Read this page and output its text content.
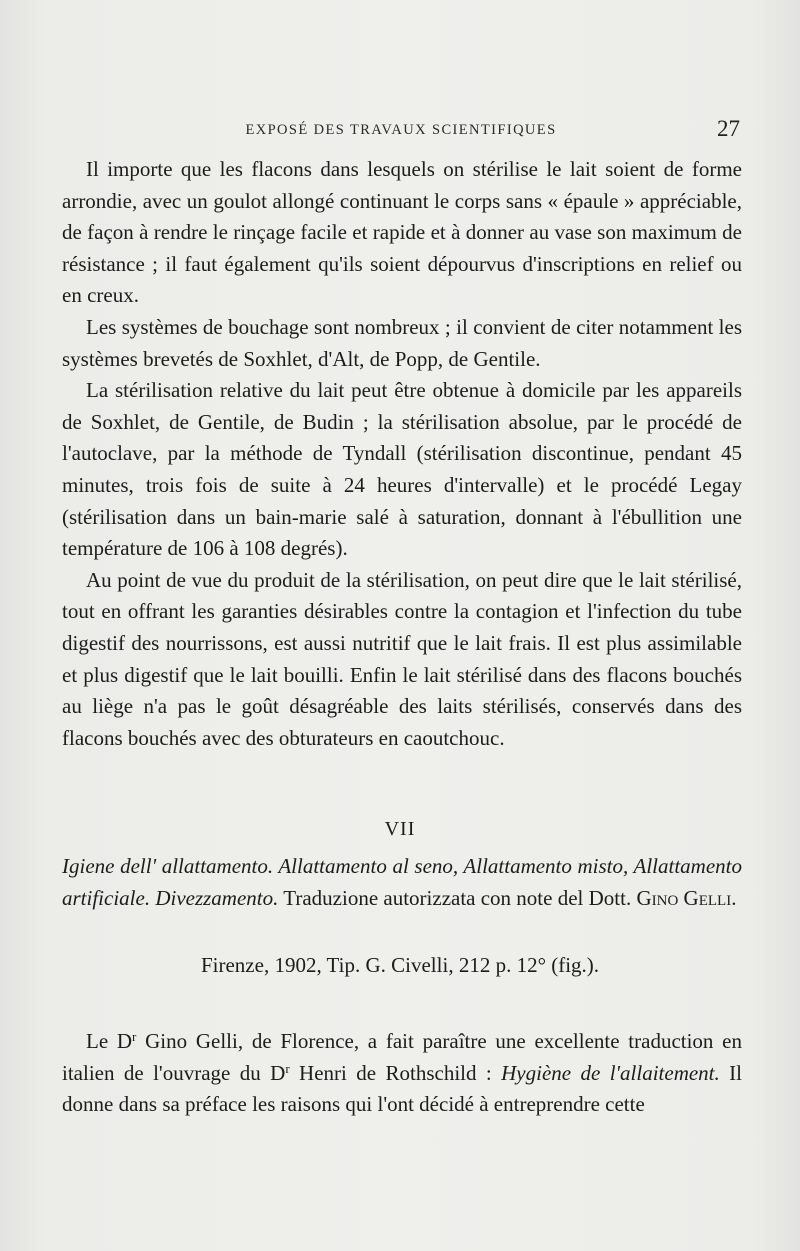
EXPOSÉ DES TRAVAUX SCIENTIFIQUES	27

Il importe que les flacons dans lesquels on stérilise le lait soient de forme arrondie, avec un goulot allongé continuant le corps sans « épaule » appréciable, de façon à rendre le rinçage facile et rapide et à donner au vase son maximum de résistance ; il faut également qu'ils soient dépourvus d'inscriptions en relief ou en creux.

Les systèmes de bouchage sont nombreux ; il convient de citer notamment les systèmes brevetés de Soxhlet, d'Alt, de Popp, de Gentile.

La stérilisation relative du lait peut être obtenue à domicile par les appareils de Soxhlet, de Gentile, de Budin ; la stérilisation absolue, par le procédé de l'autoclave, par la méthode de Tyndall (stérilisation discontinue, pendant 45 minutes, trois fois de suite à 24 heures d'intervalle) et le procédé Legay (stérilisation dans un bain-marie salé à saturation, donnant à l'ébullition une température de 106 à 108 degrés).

Au point de vue du produit de la stérilisation, on peut dire que le lait stérilisé, tout en offrant les garanties désirables contre la contagion et l'infection du tube digestif des nourrissons, est aussi nutritif que le lait frais. Il est plus assimilable et plus digestif que le lait bouilli. Enfin le lait stérilisé dans des flacons bouchés au liège n'a pas le goût désagréable des laits stérilisés, conservés dans des flacons bouchés avec des obturateurs en caoutchouc.

VII

Igiene dell' allattamento. Allattamento al seno, Allattamento misto, Allattamento artificiale. Divezzamento. Traduzione autorizzata con note del Dott. Gino Gelli.

Firenze, 1902, Tip. G. Civelli, 212 p. 12° (fig.).

Le $D^r$ Gino Gelli, de Florence, a fait paraître une excellente traduction en italien de l'ouvrage du $D^r$ Henri de Rothschild : Hygiène de l'allaitement. Il donne dans sa préface les raisons qui l'ont décidé à entreprendre cette
